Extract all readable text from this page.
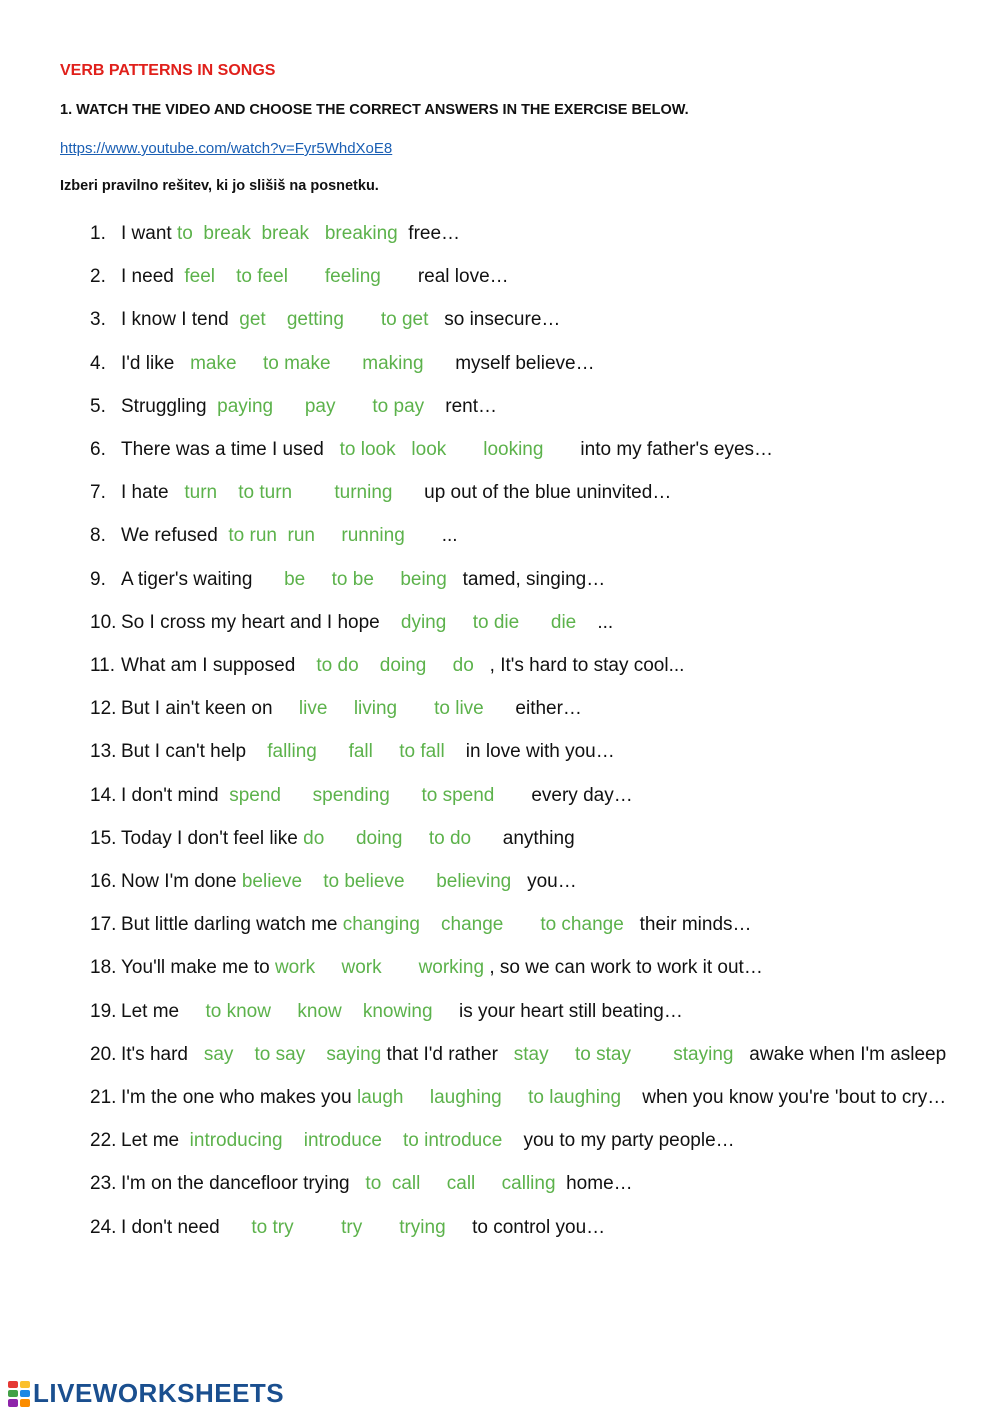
VERB PATTERNS IN SONGS
1. WATCH THE VIDEO AND CHOOSE THE CORRECT ANSWERS IN THE EXERCISE BELOW.
https://www.youtube.com/watch?v=Fyr5WhdXoE8
Izberi pravilno rešitev, ki jo slišiš na posnetku.
1. I want to  break break breaking  free…
2. I need  feel to feel feeling       real love…
3. I know I tend  get getting to get   so insecure…
4. I'd like   make to make making      myself believe…
5. Struggling  paying pay to pay    rent…
6. There was a time I used   to look look looking       into my father's eyes…
7. I hate   turn to turn turning      up out of the blue uninvited…
8. We refused  to run run running       ...
9. A tiger's waiting      be to be being   tamed, singing…
10. So I cross my heart and I hope    dying to die die    ...
11. What am I supposed    to do doing do   , It's hard to stay cool...
12. But I ain't keen on     live living to live      either…
13. But I can't help    falling fall to fall    in love with you…
14. I don't mind  spend spending to spend       every day…
15. Today I don't feel like do doing to do      anything
16. Now I'm done believe to believe believing   you…
17. But little darling watch me changing change to change   their minds…
18. You'll make me to work work working , so we can work to work it out…
19. Let me     to know know knowing     is your heart still beating…
20. It's hard   say to say saying that I'd rather   stay to stay staying   awake when I'm asleep
21. I'm the one who makes you laugh laughing to laughing    when you know you're 'bout to cry…
22. Let me  introducing introduce to introduce    you to my party people…
23. I'm on the dancefloor trying   to  call call calling  home…
24. I don't need      to try	try trying     to control you…
LIVEWORKSHEETS
